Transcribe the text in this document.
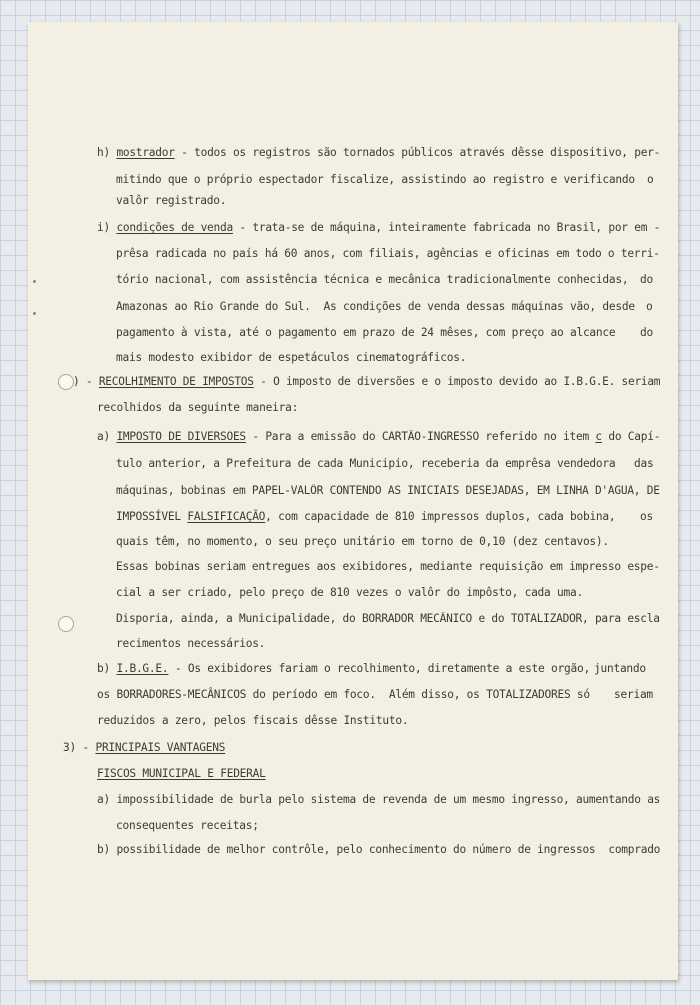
h) mostrador - todos os registros são tornados públicos através dêsse dispositivo, per-
mitindo que o próprio espectador fiscalize, assistindo ao registro e verificando o
valôr registrado.
i) condições de venda - trata-se de máquina, inteiramente fabricada no Brasil, por em -
prêsa radicada no país há 60 anos, com filiais, agências e oficinas em todo o terri-
tório nacional, com assistência técnica e mecânica tradicionalmente conhecidas, do
Amazonas ao Rio Grande do Sul.  As condições de venda dessas máquinas vão, desde o
pagamento à vista, até o pagamento em prazo de 24 mêses, com preço ao alcance do
mais modesto exibidor de espetáculos cinematográficos.
) - RECOLHIMENTO DE IMPOSTOS - O imposto de diversões e o imposto devido ao I.B.G.E. seriam
recolhidos da seguinte maneira:
a) IMPOSTO DE DIVERSÕES - Para a emissão do CARTÃO-INGRESSO referido no item c do Capí-
tulo anterior, a Prefeitura de cada Municipio, receberia da emprêsa vendedora das
máquinas, bobinas em PAPEL-VALÔR CONTENDO AS INICIAIS DESEJADAS, EM LINHA D'AGUA, DE
IMPOSSÍVEL FALSIFICAÇÃO, com capacidade de 810 impressos duplos, cada bobina, os
quais têm, no momento, o seu preço unitário em torno de 0,10 (dez centavos).
Essas bobinas seriam entregues aos exibidores, mediante requisição em impresso espe-
cial a ser criado, pelo preço de 810 vezes o valôr do impôsto, cada uma.
Disporia, ainda, a Municipalidade, do BORRADOR MECÂNICO e do TOTALIZADOR, para escla
recimentos necessários.
b) I.B.G.E. - Os exibidores fariam o recolhimento, diretamente a este orgão, juntando
os BORRADORES-MECÂNICOS do período em foco.  Além disso, os TOTALIZADORES só seriam
reduzidos a zero, pelos fiscais dêsse Instituto.
3) - PRINCIPAIS VANTAGENS
FISCOS MUNICIPAL E FEDERAL
a) impossibilidade de burla pelo sistema de revenda de um mesmo ingresso, aumentando as
consequentes receitas;
b) possibilidade de melhor contrôle, pelo conhecimento do número de ingressos  comprado
